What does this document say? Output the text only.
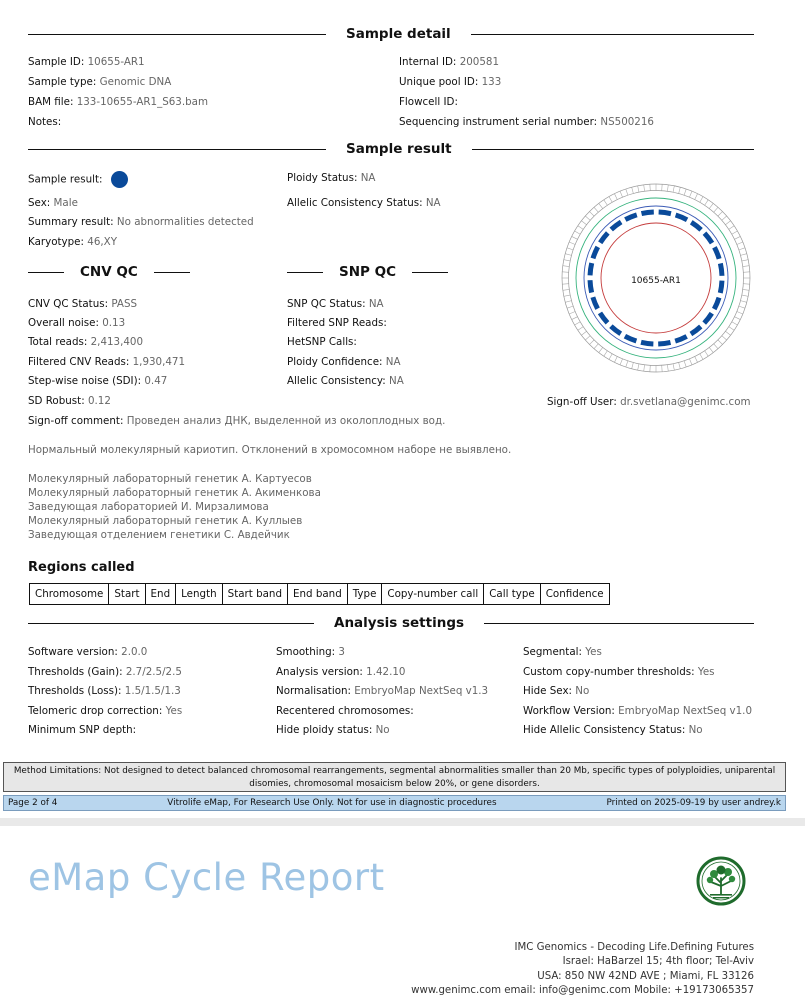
Sample detail
Sample ID: 10655-AR1
Sample type: Genomic DNA
BAM file: 133-10655-AR1_S63.bam
Notes:
Internal ID: 200581
Unique pool ID: 133
Flowcell ID:
Sequencing instrument serial number: NS500216
Sample result
Sample result:
Sex: Male
Summary result: No abnormalities detected
Karyotype: 46,XY
Ploidy Status: NA
Allelic Consistency Status: NA
10655-AR1
CNV QC
CNV QC Status: PASS
Overall noise: 0.13
Total reads: 2,413,400
Filtered CNV Reads: 1,930,471
Step-wise noise (SDI): 0.47
SD Robust: 0.12
SNP QC
SNP QC Status: NA
Filtered SNP Reads:
HetSNP Calls:
Ploidy Confidence: NA
Allelic Consistency: NA
Sign-off User: dr.svetlana@genimc.com
Sign-off comment: Проведен анализ ДНК, выделенной из околоплодных вод.
Нормальный молекулярный кариотип. Отклонений в хромосомном наборе не выявлено.
Молекулярный лабораторный генетик А. Картуесов
Молекулярный лабораторный генетик А. Акименкова
Заведующая лабораторией И. Мирзалимова
Молекулярный лабораторный генетик А. Куллыев
Заведующая отделением генетики С. Авдейчик
Regions called
Chromosome	Start	End	Length	Start band	End band	Type	Copy-number call	Call type	Confidence
Analysis settings
Software version: 2.0.0
Thresholds (Gain): 2.7/2.5/2.5
Thresholds (Loss): 1.5/1.5/1.3
Telomeric drop correction: Yes
Minimum SNP depth:
Smoothing: 3
Analysis version: 1.42.10
Normalisation: EmbryoMap NextSeq v1.3
Recentered chromosomes:
Hide ploidy status: No
Segmental: Yes
Custom copy-number thresholds: Yes
Hide Sex: No
Workflow Version: EmbryoMap NextSeq v1.0
Hide Allelic Consistency Status: No
Method Limitations: Not designed to detect balanced chromosomal rearrangements, segmental abnormalities smaller than 20 Mb, specific types of polyploidies, uniparental
disomies, chromosomal mosaicism below 20%, or gene disorders.
Page 2 of 4	Vitrolife eMap, For Research Use Only. Not for use in diagnostic procedures	Printed on 2025-09-19 by user andrey.k
eMap Cycle Report
IMC Genomics - Decoding Life.Defining Futures
Israel: HaBarzel 15; 4th floor; Tel-Aviv
USA: 850 NW 42ND AVE ; Miami, FL 33126
www.genimc.com email: info@genimc.com Mobile: +19173065357
